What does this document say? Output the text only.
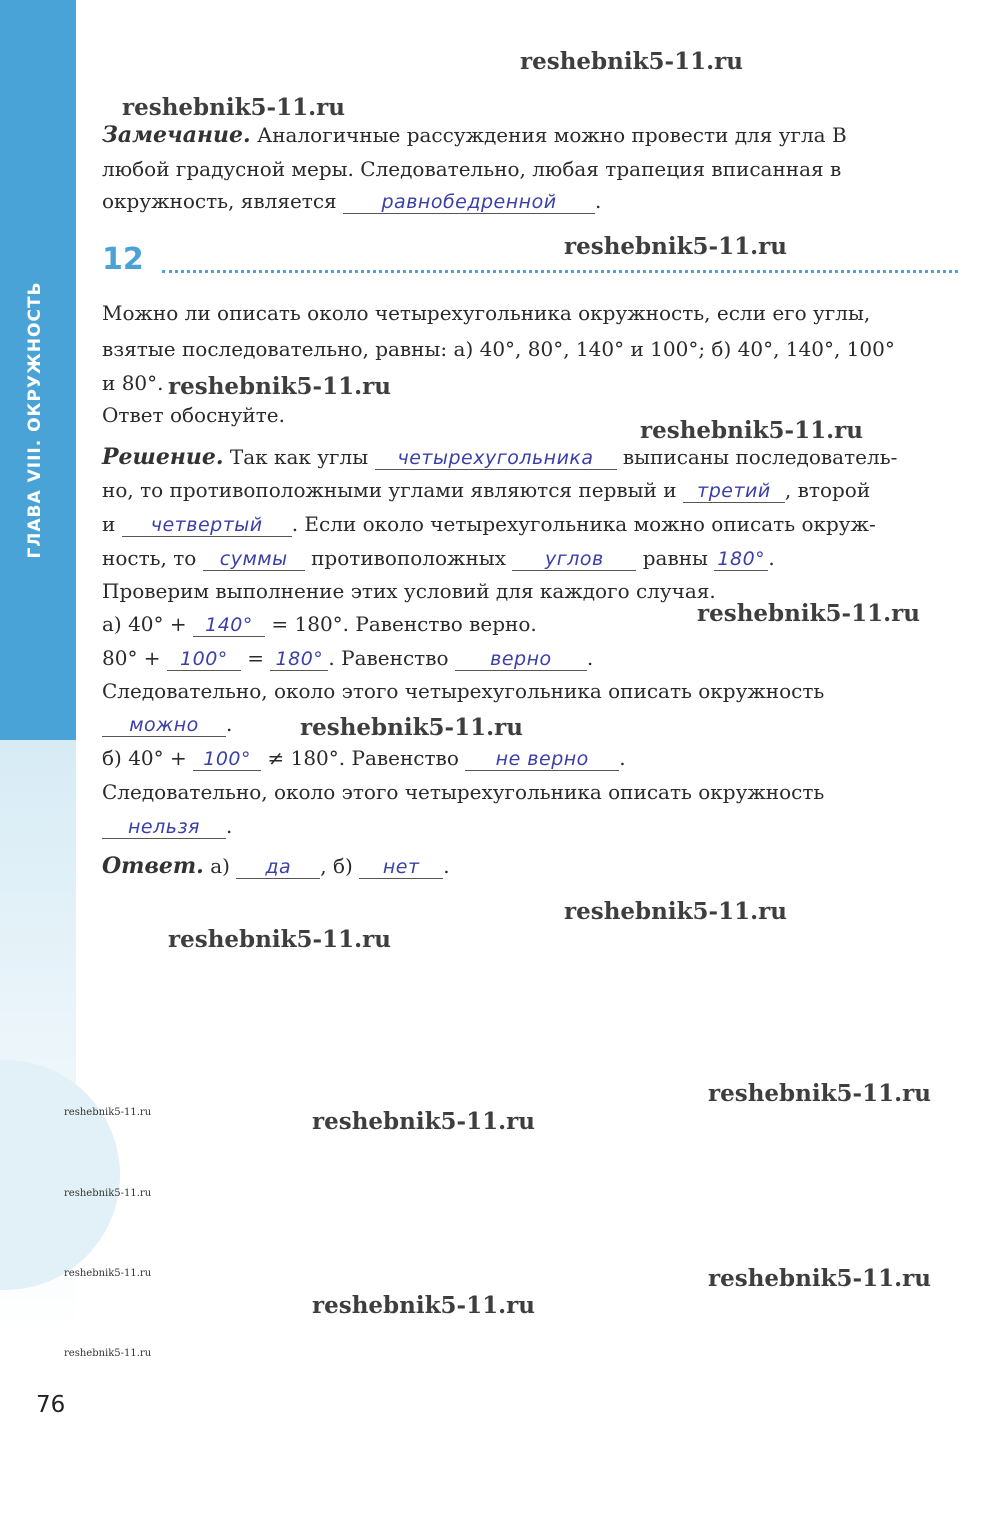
ГЛАВА VIII. ОКРУЖНОСТЬ
reshebnik5-11.ru
reshebnik5-11.ru
reshebnik5-11.ru
reshebnik5-11.ru
reshebnik5-11.ru
reshebnik5-11.ru
reshebnik5-11.ru
reshebnik5-11.ru
reshebnik5-11.ru
reshebnik5-11.ru
reshebnik5-11.ru
reshebnik5-11.ru
reshebnik5-11.ru
reshebnik5-11.ru
reshebnik5-11.ru
reshebnik5-11.ru
reshebnik5-11.ru
Замечание. Аналогичные рассуждения можно провести для угла В
любой градусной меры. Следовательно, любая трапеция вписанная в
окружность, является равнобедренной .
12
Можно ли описать около четырехугольника окружность, если его углы,
взятые последовательно, равны: а) 40°, 80°, 140° и 100°; б) 40°, 140°, 100°
и 80°.
Ответ обоснуйте.
Решение. Так как углы четырехугольника выписаны последователь-
но, то противоположными углами являются первый и третий , второй
и четвертый . Если около четырехугольника можно описать окруж-
ность, то суммы противоположных углов равны 180° .
Проверим выполнение этих условий для каждого случая.
а) 40° + 140° = 180°. Равенство верно.
80° + 100° = 180° . Равенство верно .
Следовательно, около этого четырехугольника описать окружность
можно .
б) 40° + 100° ≠ 180°. Равенство не верно .
Следовательно, около этого четырехугольника описать окружность
нельзя .
Ответ. а) да , б) нет .
76
